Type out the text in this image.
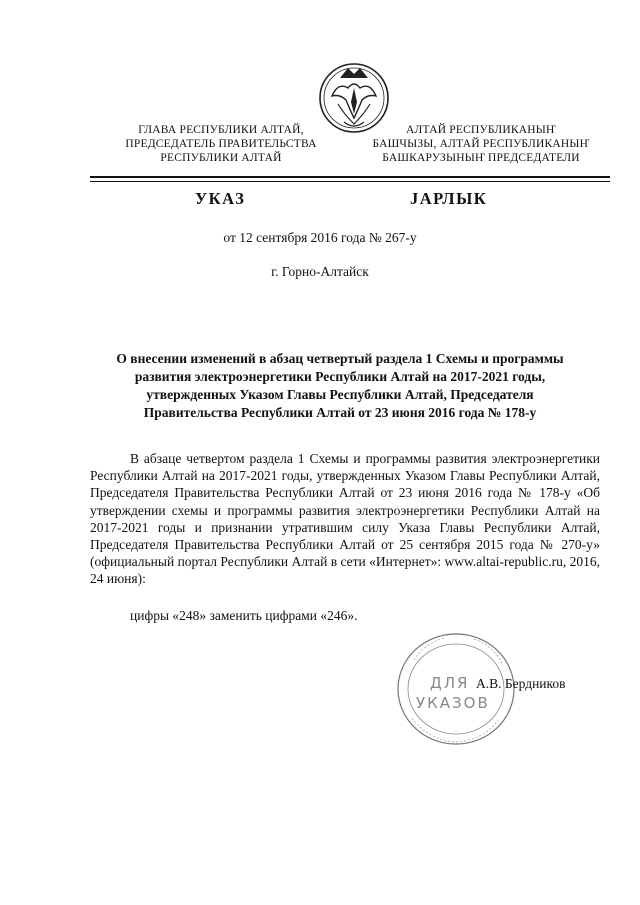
ГЛАВА РЕСПУБЛИКИ АЛТАЙ,
ПРЕДСЕДАТЕЛЬ ПРАВИТЕЛЬСТВА
РЕСПУБЛИКИ АЛТАЙ
АЛТАЙ РЕСПУБЛИКАНЫҤ
БАШЧЫЗЫ, АЛТАЙ РЕСПУБЛИКАНЫҤ
БАШКАРУЗЫНЫҤ ПРЕДСЕДАТЕЛИ
УКАЗ	ЈАРЛЫК
от 12 сентября 2016 года № 267-у
г. Горно-Алтайск
О внесении изменений в абзац четвертый раздела 1 Схемы и программы
развития электроэнергетики Республики Алтай на 2017-2021 годы,
утвержденных Указом Главы Республики Алтай, Председателя
Правительства Республики Алтай от 23 июня 2016 года № 178-у
В абзаце четвертом раздела 1 Схемы и программы развития электроэнергетики Республики Алтай на 2017-2021 годы, утвержденных Указом Главы Республики Алтай, Председателя Правительства Республики Алтай от 23 июня 2016 года № 178-у «Об утверждении схемы и программы развития электроэнергетики Республики Алтай на 2017-2021 годы и признании утратившим силу Указа Главы Республики Алтай, Председателя Правительства Республики Алтай от 25 сентября 2015 года № 270-у» (официальный портал Республики Алтай в сети «Интернет»: www.altai-republic.ru, 2016, 24 июня):
цифры «248» заменить цифрами «246».
ДЛЯ
УКАЗОВ
А.В. Бердников
